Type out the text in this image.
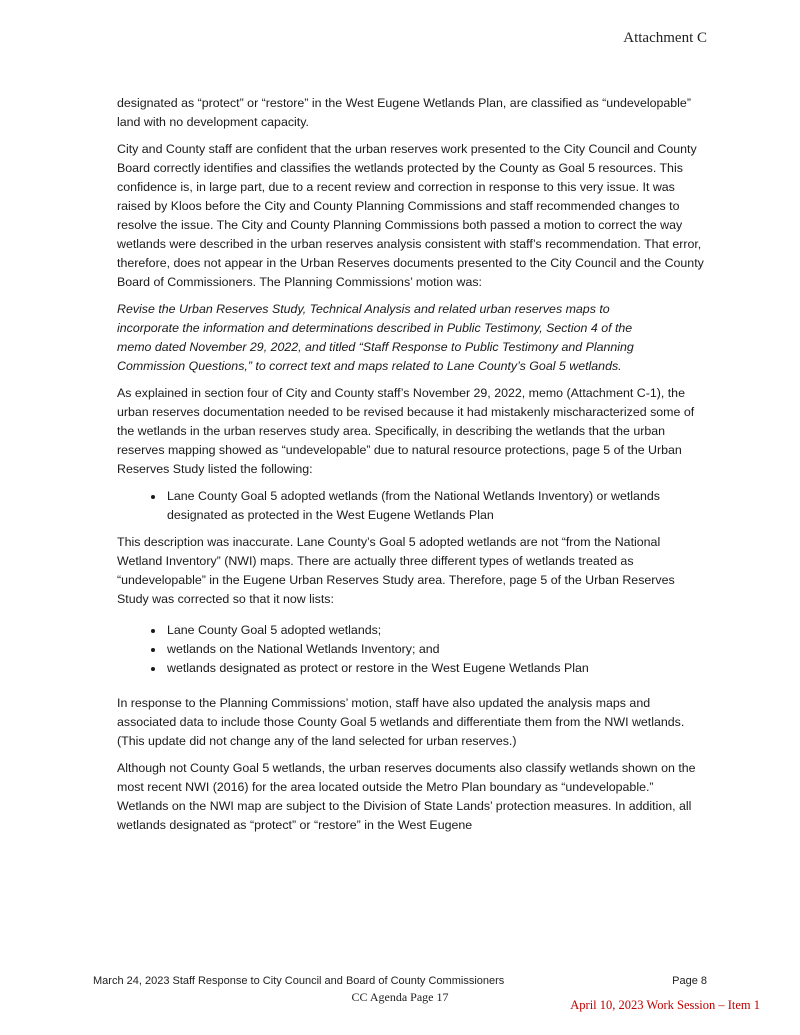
Attachment C

designated as “protect” or “restore” in the West Eugene Wetlands Plan, are classified as “undevelopable” land with no development capacity.

City and County staff are confident that the urban reserves work presented to the City Council and County Board correctly identifies and classifies the wetlands protected by the County as Goal 5 resources. This confidence is, in large part, due to a recent review and correction in response to this very issue. It was raised by Kloos before the City and County Planning Commissions and staff recommended changes to resolve the issue. The City and County Planning Commissions both passed a motion to correct the way wetlands were described in the urban reserves analysis consistent with staff’s recommendation. That error, therefore, does not appear in the Urban Reserves documents presented to the City Council and the County Board of Commissioners. The Planning Commissions’ motion was:

Revise the Urban Reserves Study, Technical Analysis and related urban reserves maps to incorporate the information and determinations described in Public Testimony, Section 4 of the memo dated November 29, 2022, and titled “Staff Response to Public Testimony and Planning Commission Questions,” to correct text and maps related to Lane County’s Goal 5 wetlands.

As explained in section four of City and County staff’s November 29, 2022, memo (Attachment C-1), the urban reserves documentation needed to be revised because it had mistakenly mischaracterized some of the wetlands in the urban reserves study area. Specifically, in describing the wetlands that the urban reserves mapping showed as “undevelopable” due to natural resource protections, page 5 of the Urban Reserves Study listed the following:

• Lane County Goal 5 adopted wetlands (from the National Wetlands Inventory) or wetlands designated as protected in the West Eugene Wetlands Plan

This description was inaccurate. Lane County’s Goal 5 adopted wetlands are not “from the National Wetland Inventory” (NWI) maps. There are actually three different types of wetlands treated as “undevelopable” in the Eugene Urban Reserves Study area. Therefore, page 5 of the Urban Reserves Study was corrected so that it now lists:

• Lane County Goal 5 adopted wetlands;
• wetlands on the National Wetlands Inventory; and
• wetlands designated as protect or restore in the West Eugene Wetlands Plan

In response to the Planning Commissions’ motion, staff have also updated the analysis maps and associated data to include those County Goal 5 wetlands and differentiate them from the NWI wetlands. (This update did not change any of the land selected for urban reserves.)

Although not County Goal 5 wetlands, the urban reserves documents also classify wetlands shown on the most recent NWI (2016) for the area located outside the Metro Plan boundary as “undevelopable.” Wetlands on the NWI map are subject to the Division of State Lands’ protection measures. In addition, all wetlands designated as “protect” or “restore” in the West Eugene

March 24, 2023 Staff Response to City Council and Board of County Commissioners	Page 8
CC Agenda Page 17
April 10, 2023 Work Session – Item 1
